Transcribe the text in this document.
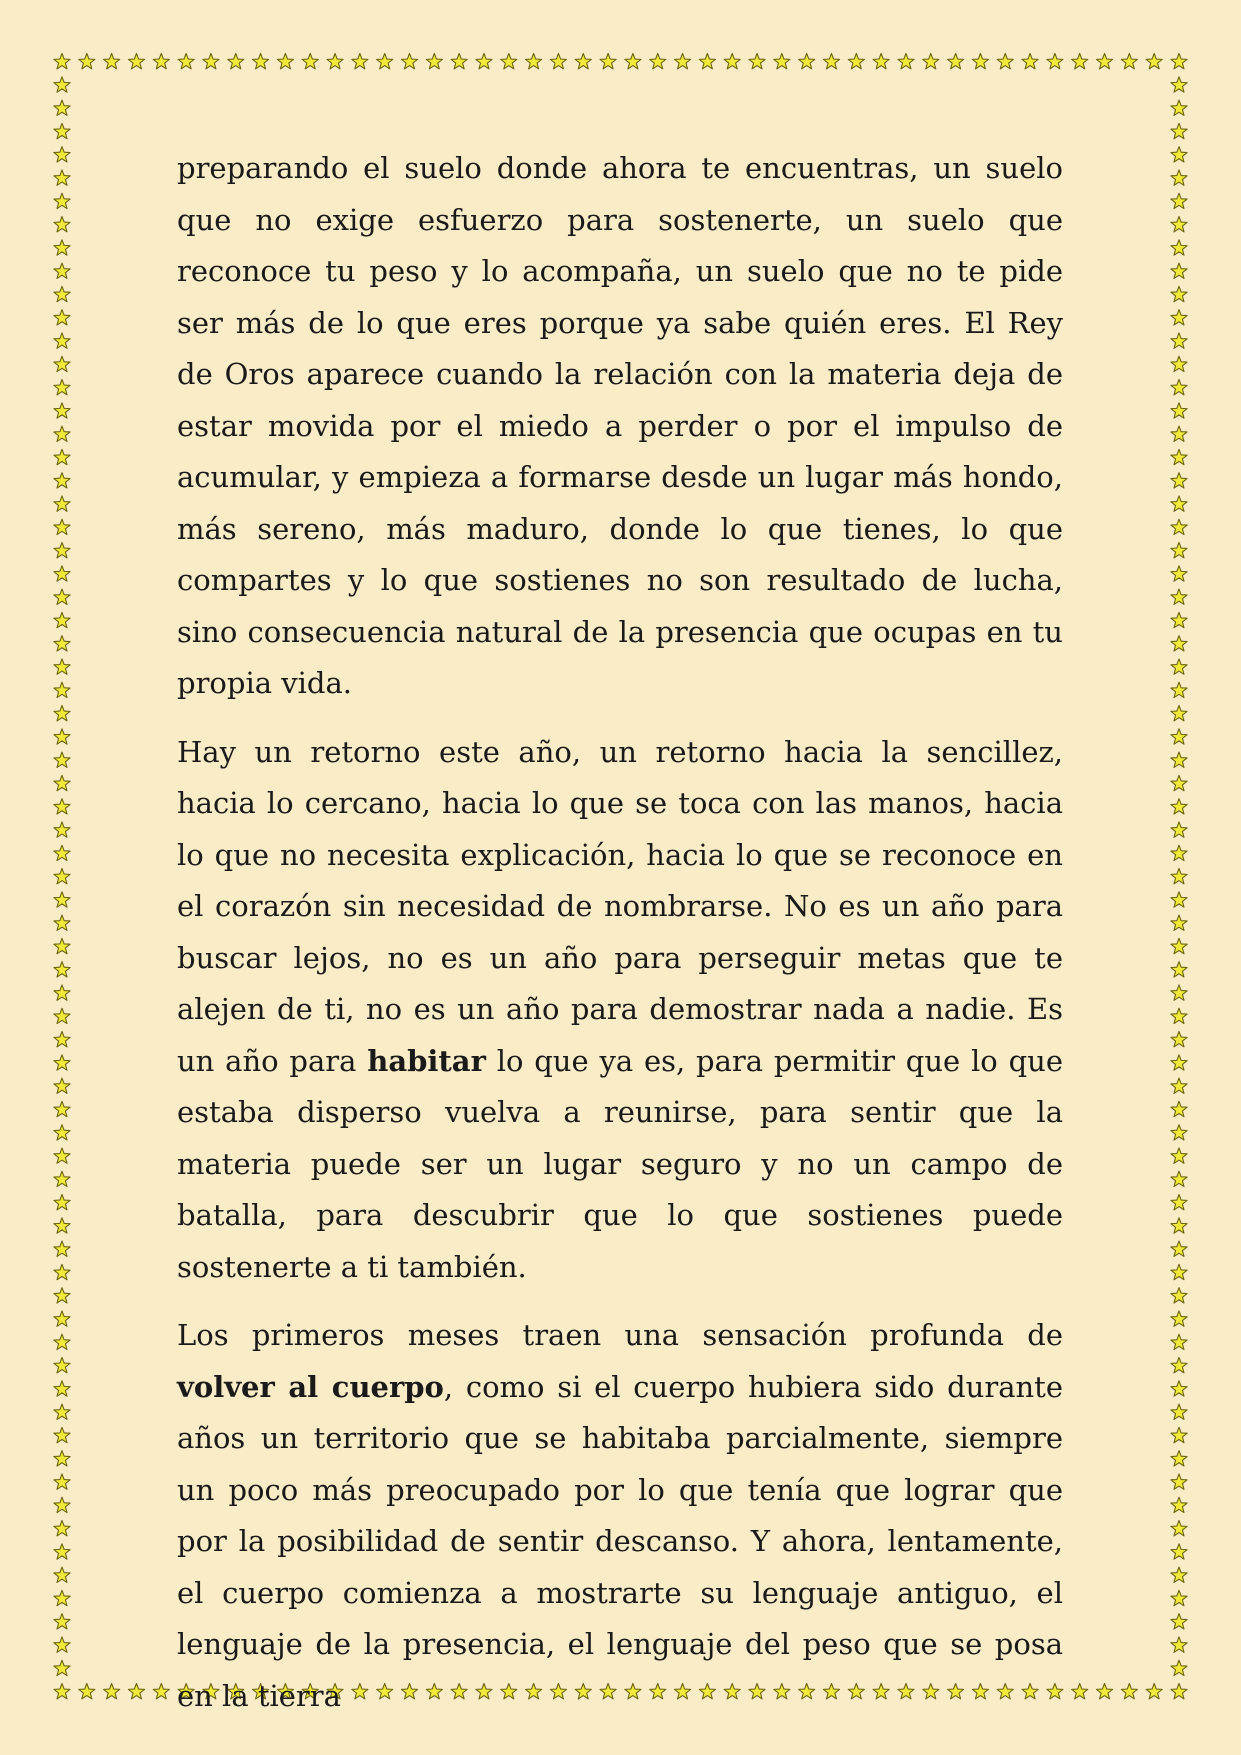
preparando el suelo donde ahora te encuentras, un suelo que no exige esfuerzo para sostenerte, un suelo que reconoce tu peso y lo acompaña, un suelo que no te pide ser más de lo que eres porque ya sabe quién eres. El Rey de Oros aparece cuando la relación con la materia deja de estar movida por el miedo a perder o por el impulso de acumular, y empieza a formarse desde un lugar más hondo, más sereno, más maduro, donde lo que tienes, lo que compartes y lo que sostienes no son resultado de lucha, sino consecuencia natural de la presencia que ocupas en tu propia vida.

Hay un retorno este año, un retorno hacia la sencillez, hacia lo cercano, hacia lo que se toca con las manos, hacia lo que no necesita explicación, hacia lo que se reconoce en el corazón sin necesidad de nombrarse. No es un año para buscar lejos, no es un año para perseguir metas que te alejen de ti, no es un año para demostrar nada a nadie. Es un año para habitar lo que ya es, para permitir que lo que estaba disperso vuelva a reunirse, para sentir que la materia puede ser un lugar seguro y no un campo de batalla, para descubrir que lo que sostienes puede sostenerte a ti también.

Los primeros meses traen una sensación profunda de volver al cuerpo, como si el cuerpo hubiera sido durante años un territorio que se habitaba parcialmente, siempre un poco más preocupado por lo que tenía que lograr que por la posibilidad de sentir descanso. Y ahora, lentamente, el cuerpo comienza a mostrarte su lenguaje antiguo, el lenguaje de la presencia, el lenguaje del peso que se posa en la tierra
